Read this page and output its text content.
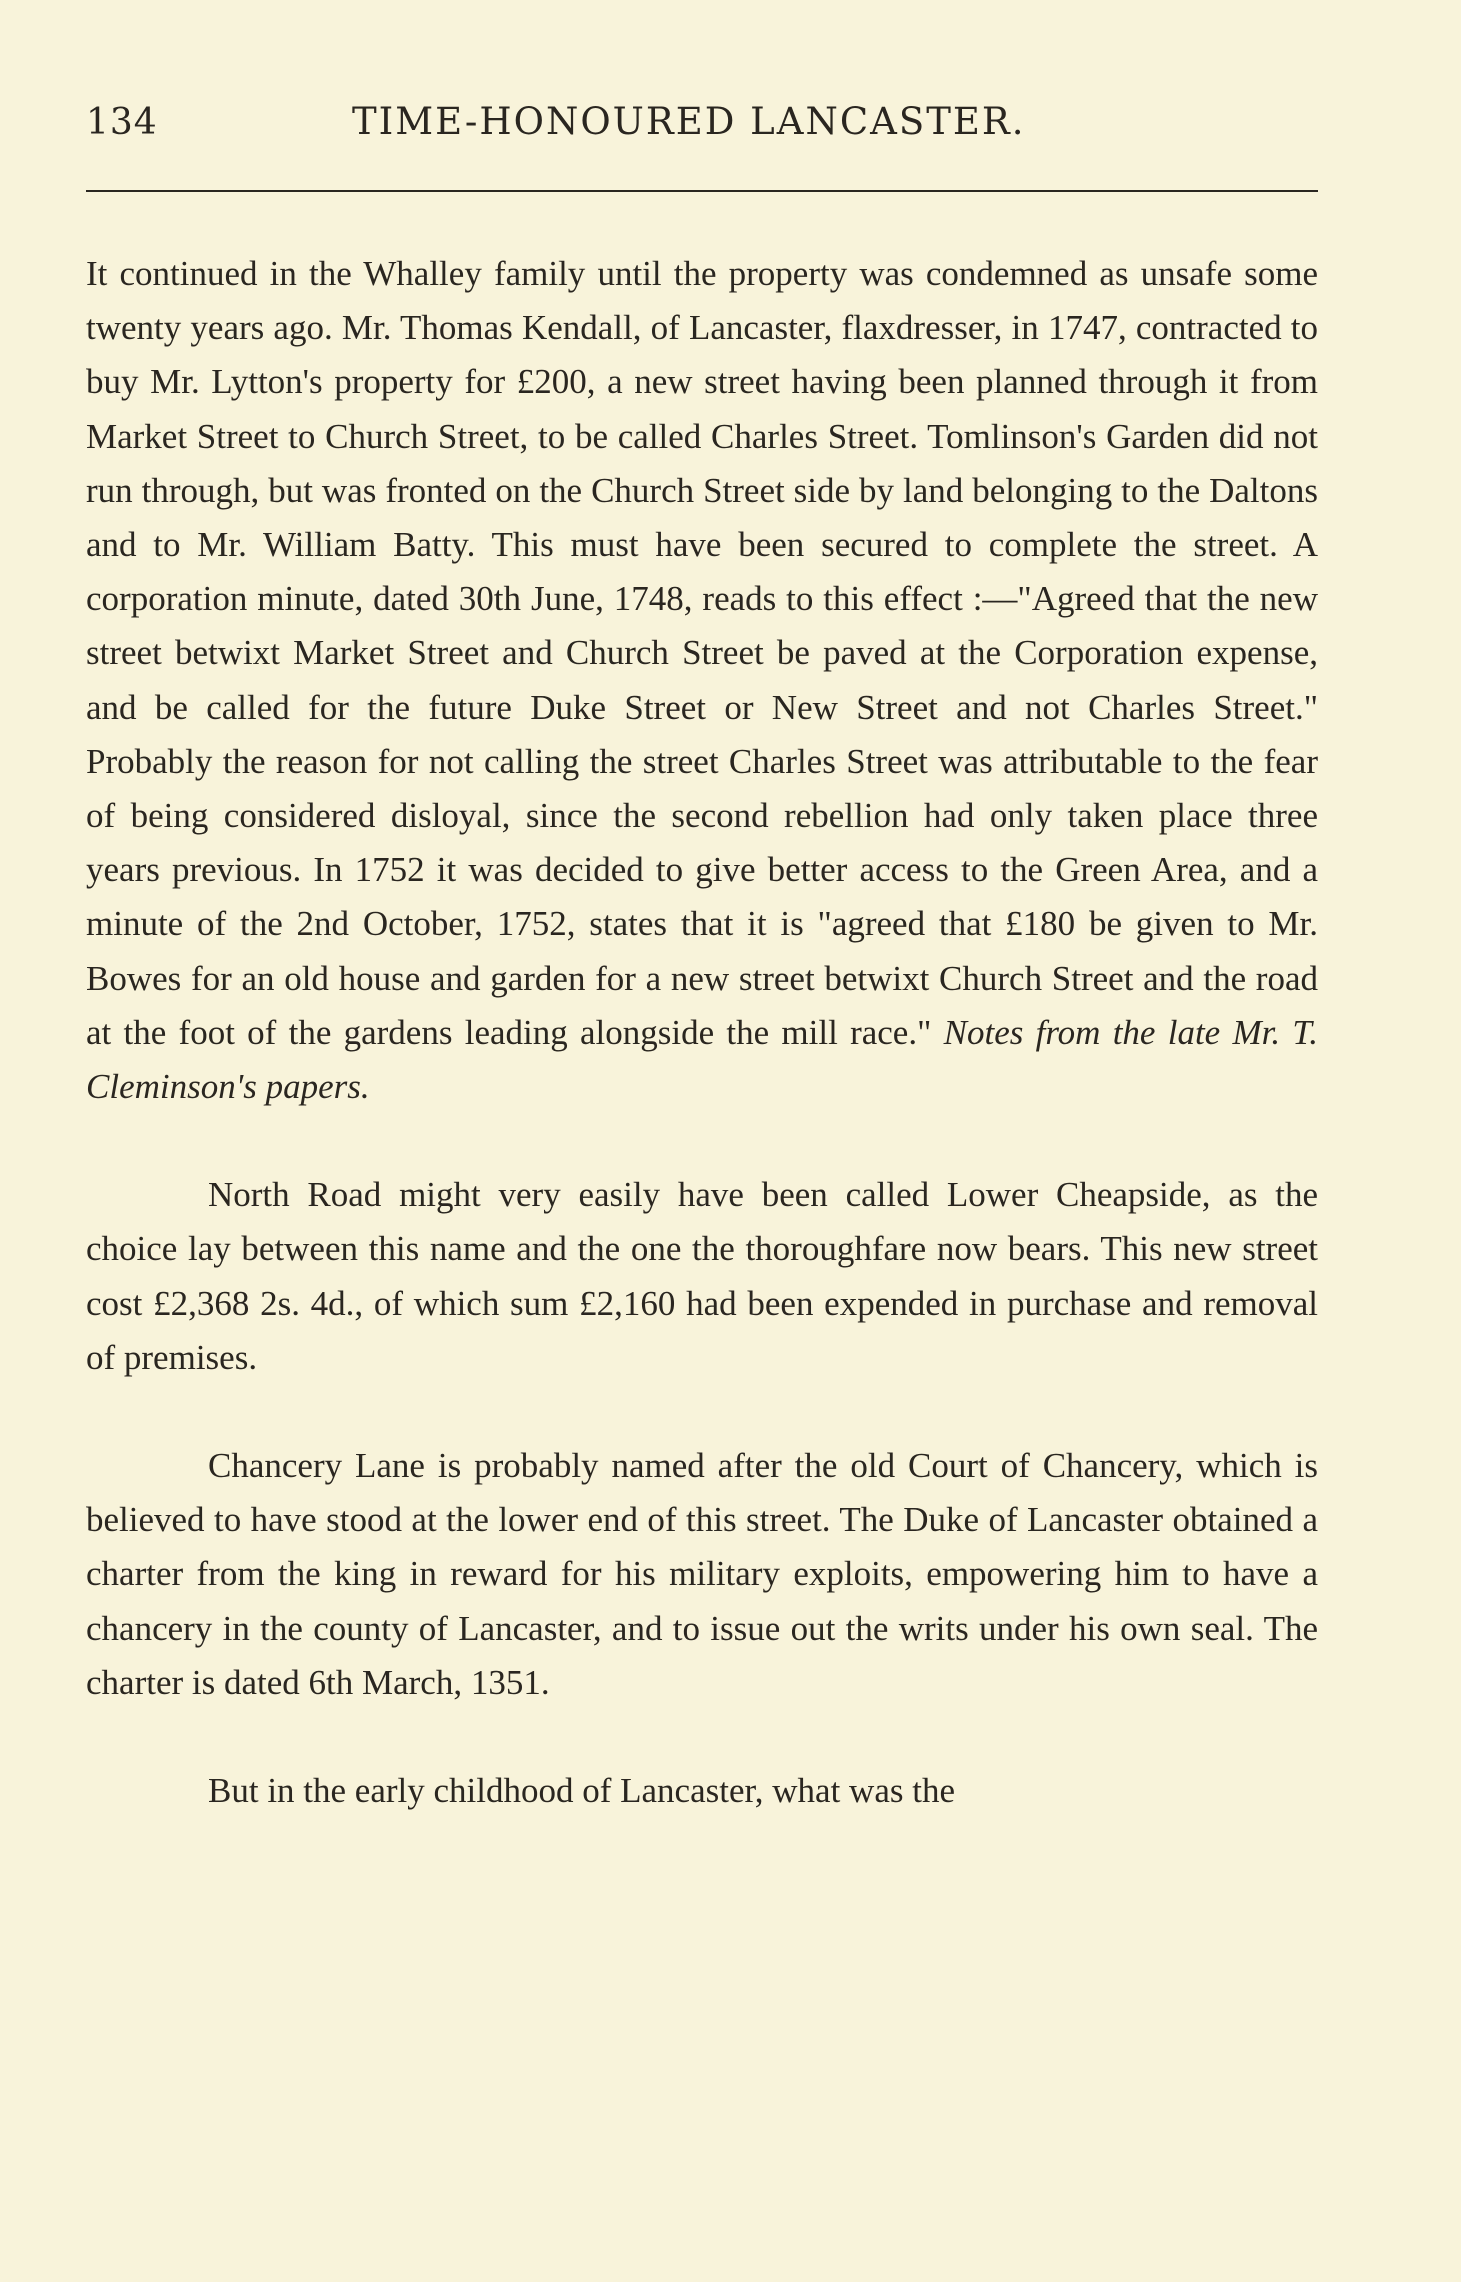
134	TIME-HONOURED LANCASTER.

It continued in the Whalley family until the property was condemned as unsafe some twenty years ago. Mr. Thomas Kendall, of Lancaster, flaxdresser, in 1747, contracted to buy Mr. Lytton's property for £200, a new street having been planned through it from Market Street to Church Street, to be called Charles Street. Tomlinson's Garden did not run through, but was fronted on the Church Street side by land belonging to the Daltons and to Mr. William Batty. This must have been secured to complete the street. A corporation minute, dated 30th June, 1748, reads to this effect :—"Agreed that the new street betwixt Market Street and Church Street be paved at the Corporation expense, and be called for the future Duke Street or New Street and not Charles Street." Probably the reason for not calling the street Charles Street was attributable to the fear of being considered disloyal, since the second rebellion had only taken place three years previous. In 1752 it was decided to give better access to the Green Area, and a minute of the 2nd October, 1752, states that it is "agreed that £180 be given to Mr. Bowes for an old house and garden for a new street betwixt Church Street and the road at the foot of the gardens leading alongside the mill race." Notes from the late Mr. T. Cleminson's papers.

North Road might very easily have been called Lower Cheapside, as the choice lay between this name and the one the thoroughfare now bears. This new street cost £2,368 2s. 4d., of which sum £2,160 had been expended in purchase and removal of premises.

Chancery Lane is probably named after the old Court of Chancery, which is believed to have stood at the lower end of this street. The Duke of Lancaster obtained a charter from the king in reward for his military exploits, empowering him to have a chancery in the county of Lancaster, and to issue out the writs under his own seal. The charter is dated 6th March, 1351.

But in the early childhood of Lancaster, what was the
